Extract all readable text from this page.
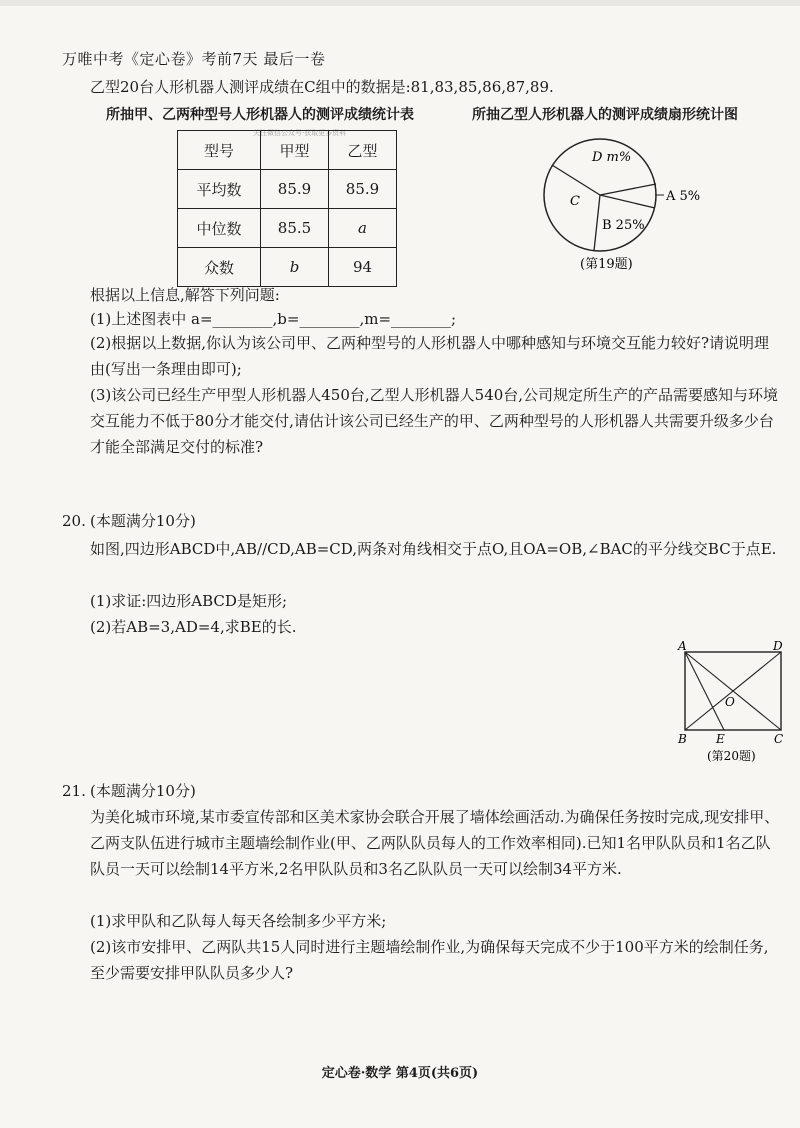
万唯中考《定心卷》考前7天 最后一卷
乙型20台人形机器人测评成绩在C组中的数据是:81,83,85,86,87,89.
所抽甲、乙两种型号人形机器人的测评成绩统计表	所抽乙型人形机器人的测评成绩扇形统计图
关注微信公众号·获取更多资料
型号	甲型	乙型
平均数	85.9	85.9
中位数	85.5	a
众数	b	94
D m%
C
B 25%
A 5%
(第19题)
根据以上信息,解答下列问题:
(1)上述图表中 a=________,b=________,m=________;
(2)根据以上数据,你认为该公司甲、乙两种型号的人形机器人中哪种感知与环境交互能力较好?请说明理由(写出一条理由即可);
(3)该公司已经生产甲型人形机器人450台,乙型人形机器人540台,公司规定所生产的产品需要感知与环境交互能力不低于80分才能交付,请估计该公司已经生产的甲、乙两种型号的人形机器人共需要升级多少台才能全部满足交付的标准?
20. (本题满分10分)
如图,四边形ABCD中,AB//CD,AB=CD,两条对角线相交于点O,且OA=OB,∠BAC的平分线交BC于点E.
(1)求证:四边形ABCD是矩形;
(2)若AB=3,AD=4,求BE的长.
A	D
B E	C
O
(第20题)
21. (本题满分10分)
为美化城市环境,某市委宣传部和区美术家协会联合开展了墙体绘画活动.为确保任务按时完成,现安排甲、乙两支队伍进行城市主题墙绘制作业(甲、乙两队队员每人的工作效率相同).已知1名甲队队员和1名乙队队员一天可以绘制14平方米,2名甲队队员和3名乙队队员一天可以绘制34平方米.
(1)求甲队和乙队每人每天各绘制多少平方米;
(2)该市安排甲、乙两队共15人同时进行主题墙绘制作业,为确保每天完成不少于100平方米的绘制任务,至少需要安排甲队队员多少人?
定心卷·数学 第4页(共6页)
